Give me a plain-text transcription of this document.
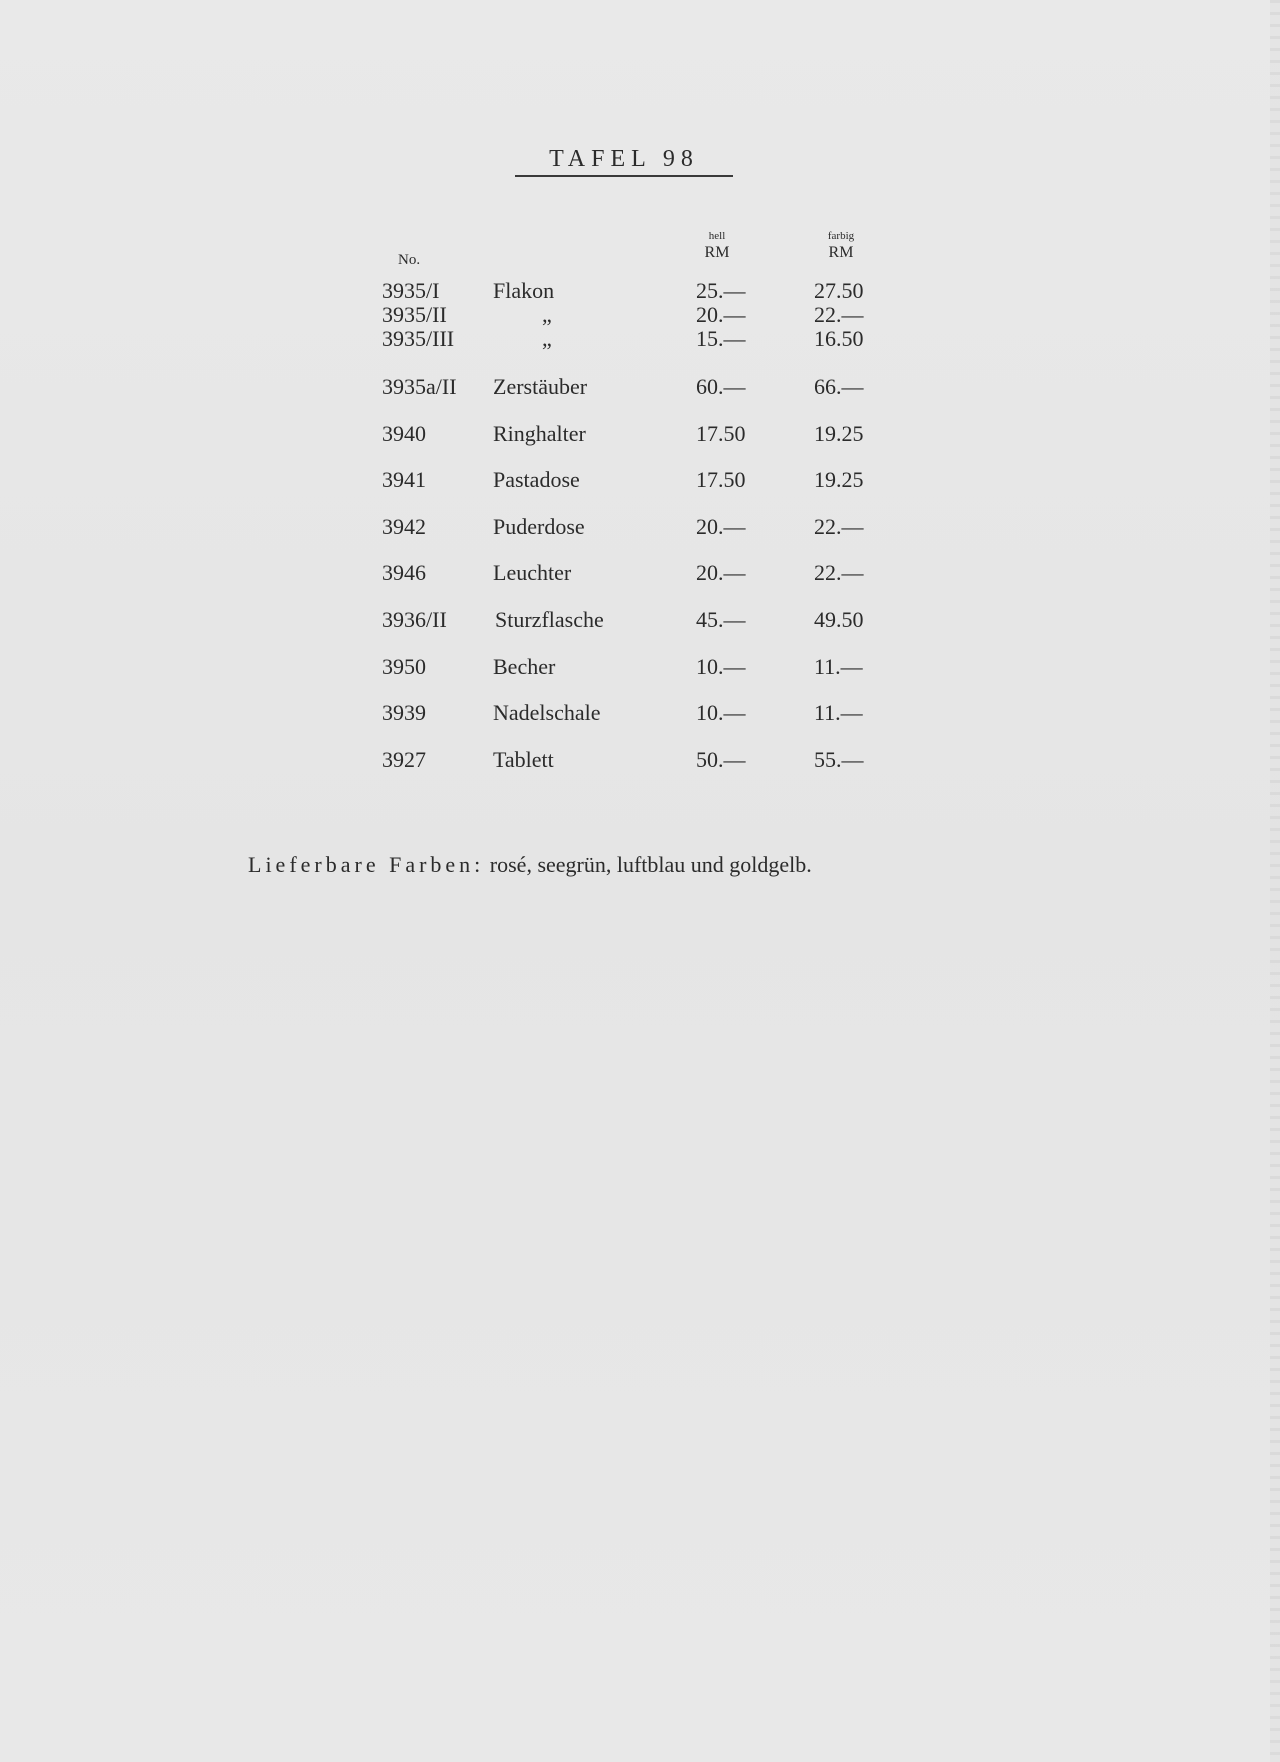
TAFEL 98
No.
hell
RM
farbig
RM
3935/I Flakon	25.—	27.50
3935/II	„	20.—	22.—
3935/III	„	15.—	16.50
3935a/II Zerstäuber	60.—	66.—
3940	Ringhalter	17.50	19.25
3941	Pastadose	17.50	19.25
3942	Puderdose	20.—	22.—
3946	Leuchter	20.—	22.—
3936/II Sturzflasche	45.—	49.50
3950	Becher	10.—	11.—
3939	Nadelschale	10.—	11.—
3927	Tablett	50.—	55.—
Lieferbare Farben: rosé, seegrün, luftblau und goldgelb.
